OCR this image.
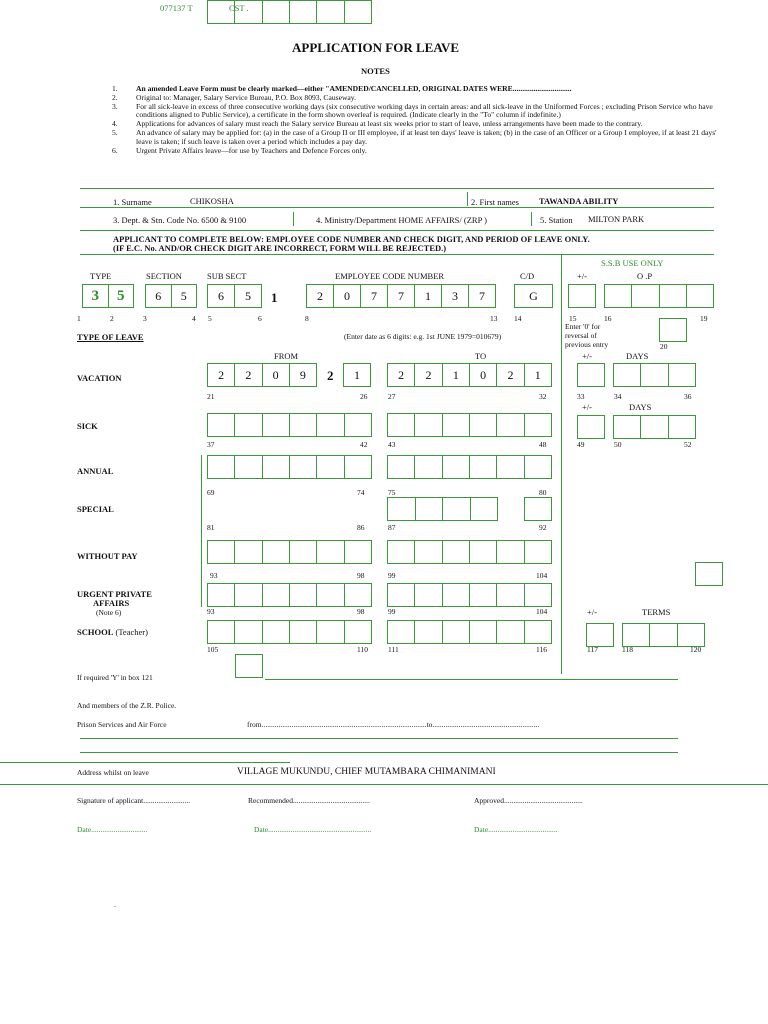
077137 T	CST .
APPLICATION FOR LEAVE
NOTES
1.	An amended Leave Form must be clearly marked—either "AMENDED/CANCELLED, ORIGINAL DATES WERE...............................
2.	Original to: Manager, Salary Service Bureau, P.O. Box 8093, Causeway.
3.	For all sick-leave in excess of three consecutive working days (six consecutive working days in certain areas: and all sick-leave in the Uniformed Forces ; excluding Prison Service who have conditions aligned to Public Service), a certificate in the form shown overleaf is required. (Indicate clearly in the "To" column if indefinite.)
4.	Applications for advances of salary must reach the Salary service Bureau at least six weeks prior to start of leave, unless arrangements have been made to the contrary.
5.	An advance of salary may be applied for: (a) in the case of a Group II or III employee, if at least ten days' leave is taken; (b) in the case of an Officer or a Group I employee, if at least 21 days' leave is taken; if such leave is taken over a period which includes a pay day.
6.	Urgent Private Affairs leave—for use by Teachers and Defence Forces only.
1. Surname	CHIKOSHA	2. First names TAWANDA ABILITY
3. Dept. & Stn. Code No. 6500 & 9100	4. Ministry/Department HOME AFFAIRS/ (ZRP )	5. Station MILTON PARK
APPLICANT TO COMPLETE BELOW: EMPLOYEE CODE NUMBER AND CHECK DIGIT, AND PERIOD OF LEAVE ONLY.
(IF E.C. No. AND/OR CHECK DIGIT ARE INCORRECT, FORM WILL BE REJECTED.)
S.S.B USE ONLY
TYPE	SECTION	SUB SECT	EMPLOYEE CODE NUMBER	C/D	+/-	O .P
3	5	6	5	6	5	1	2	0	7	7	1	3	7	G
1	2	3	4 5	6	8	13 14	15	16	19
Enter '0' for
reversal of
previous entry	20
TYPE OF LEAVE	(Enter date as 6 digits: e.g. 1st JUNE 1979=010679)
FROM	TO	+/-	DAYS
VACATION	2	2	0	9	2	1	2	2	1	0	2	1
21	26	27	32	33	34	36
+/-	DAYS
SICK
37	42	43	48	49	50	52
ANNUAL
69	74	75	80
SPECIAL
81	86	87	92
WITHOUT PAY
93	98	99	104
URGENT PRIVATE
AFFAIRS
(Note 6)	93	98	99	104	+/-	TERMS
SCHOOL (Teacher)
105	110	111	116	117	118	120
If required 'Y' in box 121
And members of the Z.R. Police.
Prison Services and Air Force	from........................................................................................to.........................................................
Address whilst on leave	VILLAGE MUKUNDU, CHIEF MUTAMBARA CHIMANIMANI
Signature of applicant.........................	Recommended.........................................	Approved..........................................
Date..............................	Date.......................................................	Date.....................................
.
